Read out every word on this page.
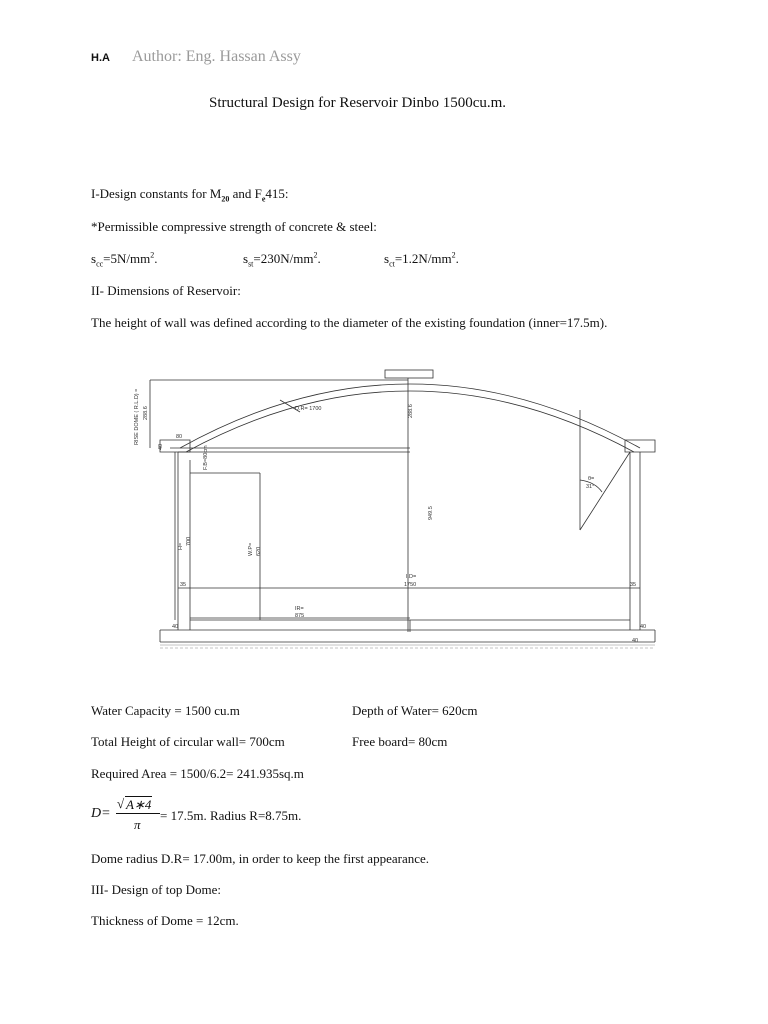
H.A Author: Eng. Hassan Assy
Structural Design for Reservoir Dinbo 1500cu.m.
I-Design constants for $M_{20}$ and $F_e415$:
*Permissible compressive strength of concrete & steel:
$s_{cc}=5N/mm^2$.	$s_{st}=230N/mm^2$.	$s_{ct}=1.2N/mm^2$.
II- Dimensions of Reservoir:
The height of wall was defined according to the diameter of the existing foundation (inner=17.5m).
RISE DOME ( R.L.D) = 288.6
40
80
D.R= 1700	288.6
949.5
F.B=80cm
H=
700
W.P= 620
I.D=
1750
IR=
875
35	35
40	40
40
θ=
31°
Water Capacity = 1500 cu.m	Depth of Water= 620cm
Total Height of circular wall= 700cm	Free board= 80cm
Required Area = 1500/6.2= 241.935sq.m
D=
√ A∗4
π
= 17.5m. Radius R=8.75m.
Dome radius D.R= 17.00m, in order to keep the first appearance.
III- Design of top Dome:
Thickness of Dome = 12cm.
